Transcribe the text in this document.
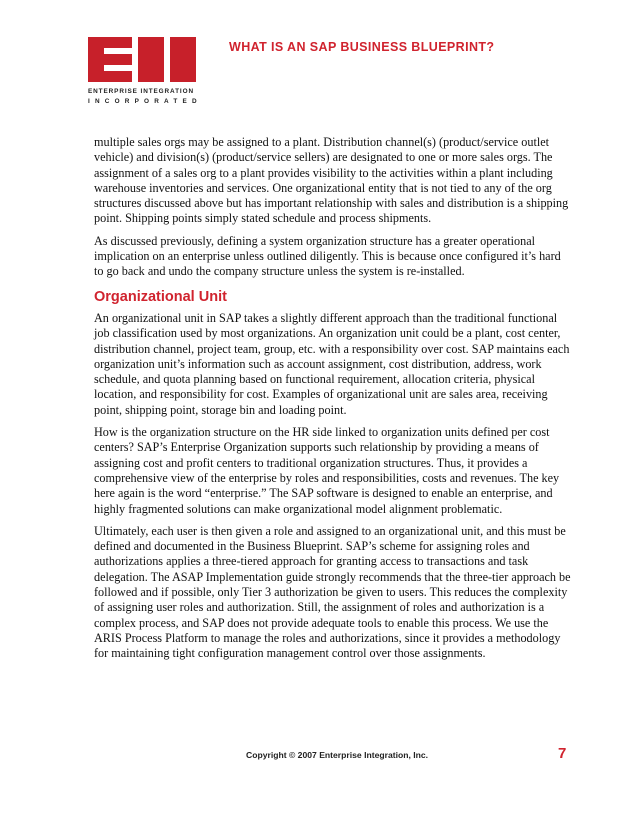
ENTERPRISE INTEGRATION
INCORPORATED
WHAT IS AN SAP BUSINESS BLUEPRINT?

multiple sales orgs may be assigned to a plant. Distribution channel(s) (product/service outlet vehicle) and division(s) (product/service sellers) are designated to one or more sales orgs. The assignment of a sales org to a plant provides visibility to the activities within a plant including warehouse inventories and services. One organizational entity that is not tied to any of the org structures discussed above but has important relationship with sales and distribution is a shipping point. Shipping points simply stated schedule and process shipments.

As discussed previously, defining a system organization structure has a greater operational implication on an enterprise unless outlined diligently. This is because once configured it’s hard to go back and undo the company structure unless the system is re-installed.

Organizational Unit

An organizational unit in SAP takes a slightly different approach than the traditional functional job classification used by most organizations. An organization unit could be a plant, cost center, distribution channel, project team, group, etc. with a responsibility over cost. SAP maintains each organization unit’s information such as account assignment, cost distribution, address, work schedule, and quota planning based on functional requirement, allocation criteria, physical location, and responsibility for cost. Examples of organizational unit are sales area, receiving point, shipping point, storage bin and loading point.

How is the organization structure on the HR side linked to organization units defined per cost centers? SAP’s Enterprise Organization supports such relationship by providing a means of assigning cost and profit centers to traditional organization structures. Thus, it provides a comprehensive view of the enterprise by roles and responsibilities, costs and revenues. The key here again is the word “enterprise.” The SAP software is designed to enable an enterprise, and highly fragmented solutions can make organizational model alignment problematic.

Ultimately, each user is then given a role and assigned to an organizational unit, and this must be defined and documented in the Business Blueprint. SAP’s scheme for assigning roles and authorizations applies a three-tiered approach for granting access to transactions and task delegation. The ASAP Implementation guide strongly recommends that the three-tier approach be followed and if possible, only Tier 3 authorization be given to users. This reduces the complexity of assigning user roles and authorization. Still, the assignment of roles and authorization is a complex process, and SAP does not provide adequate tools to enable this process. We use the ARIS Process Platform to manage the roles and authorizations, since it provides a methodology for maintaining tight configuration management control over those assignments.

Copyright © 2007 Enterprise Integration, Inc.	7
